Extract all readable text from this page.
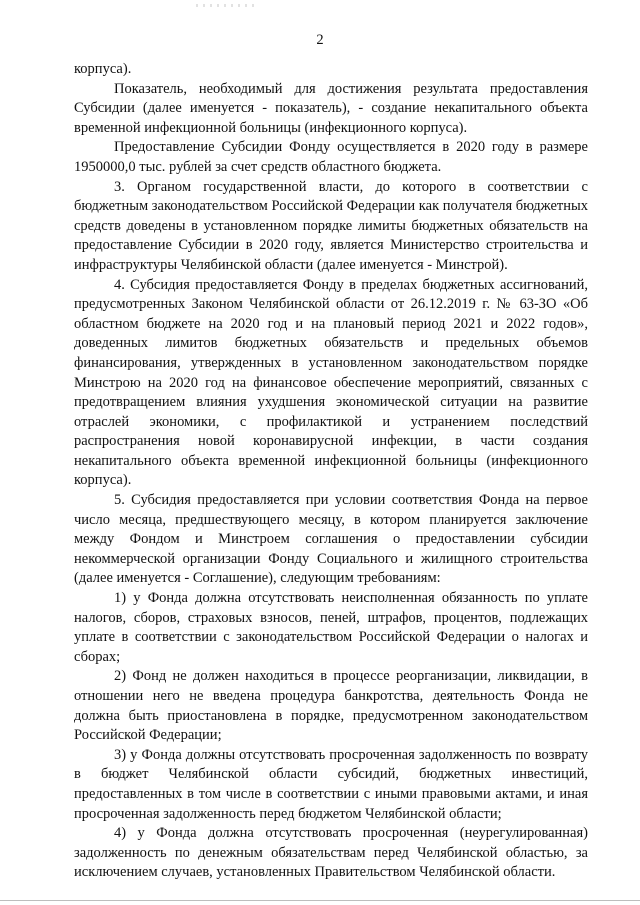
2

корпуса).

Показатель, необходимый для достижения результата предоставления Субсидии (далее именуется - показатель), - создание некапитального объекта временной инфекционной больницы (инфекционного корпуса).

Предоставление Субсидии Фонду осуществляется в 2020 году в размере 1950000,0 тыс. рублей за счет средств областного бюджета.

3. Органом государственной власти, до которого в соответствии с бюджетным законодательством Российской Федерации как получателя бюджетных средств доведены в установленном порядке лимиты бюджетных обязательств на предоставление Субсидии в 2020 году, является Министерство строительства и инфраструктуры Челябинской области (далее именуется - Минстрой).

4. Субсидия предоставляется Фонду в пределах бюджетных ассигнований, предусмотренных Законом Челябинской области от 26.12.2019 г. № 63-ЗО «Об областном бюджете на 2020 год и на плановый период 2021 и 2022 годов», доведенных лимитов бюджетных обязательств и предельных объемов финансирования, утвержденных в установленном законодательством порядке Минстрою на 2020 год на финансовое обеспечение мероприятий, связанных с предотвращением влияния ухудшения экономической ситуации на развитие отраслей экономики, с профилактикой и устранением последствий распространения новой коронавирусной инфекции, в части создания некапитального объекта временной инфекционной больницы (инфекционного корпуса).

5. Субсидия предоставляется при условии соответствия Фонда на первое число месяца, предшествующего месяцу, в котором планируется заключение между Фондом и Минстроем соглашения о предоставлении субсидии некоммерческой организации Фонду Социального и жилищного строительства (далее именуется - Соглашение), следующим требованиям:

1) у Фонда должна отсутствовать неисполненная обязанность по уплате налогов, сборов, страховых взносов, пеней, штрафов, процентов, подлежащих уплате в соответствии с законодательством Российской Федерации о налогах и сборах;

2) Фонд не должен находиться в процессе реорганизации, ликвидации, в отношении него не введена процедура банкротства, деятельность Фонда не должна быть приостановлена в порядке, предусмотренном законодательством Российской Федерации;

3) у Фонда должны отсутствовать просроченная задолженность по возврату в бюджет Челябинской области субсидий, бюджетных инвестиций, предоставленных в том числе в соответствии с иными правовыми актами, и иная просроченная задолженность перед бюджетом Челябинской области;

4) у Фонда должна отсутствовать просроченная (неурегулированная) задолженность по денежным обязательствам перед Челябинской областью, за исключением случаев, установленных Правительством Челябинской области.
